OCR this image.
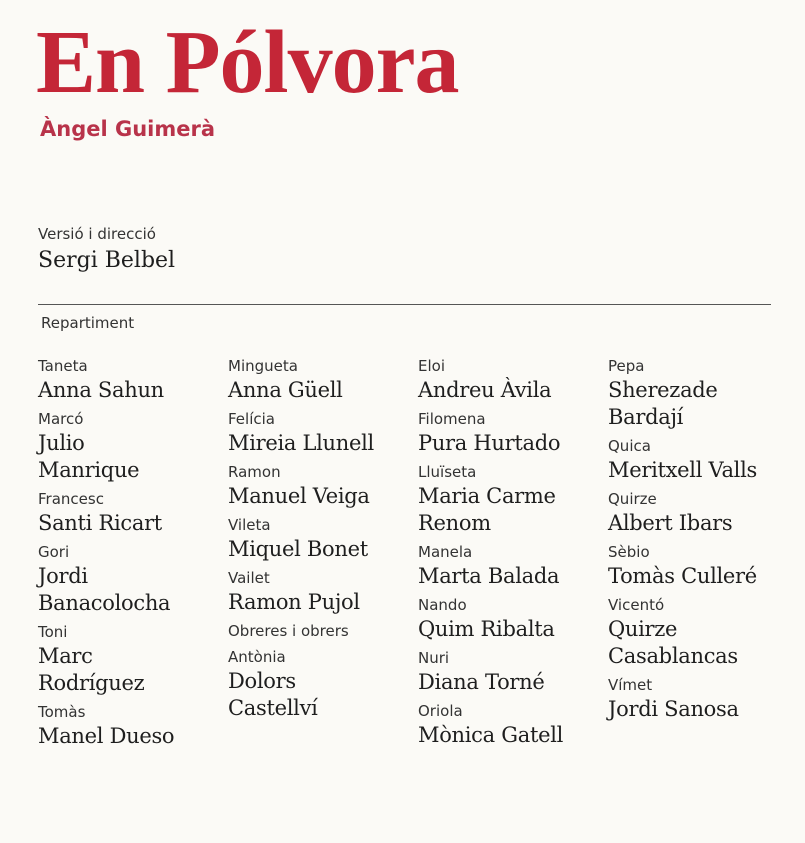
En Pólvora
Àngel Guimerà
Versió i direcció
Sergi Belbel
Repartiment
Taneta
Anna Sahun
Marcó
Julio
Manrique
Francesc
Santi Ricart
Gori
Jordi
Banacolocha
Toni
Marc
Rodríguez
Tomàs
Manel Dueso
Mingueta
Anna Güell
Felícia
Mireia Llunell
Ramon
Manuel Veiga
Vileta
Miquel Bonet
Vailet
Ramon Pujol
Obreres i obrers
Antònia
Dolors
Castellví
Eloi
Andreu Àvila
Filomena
Pura Hurtado
Lluïseta
Maria Carme
Renom
Manela
Marta Balada
Nando
Quim Ribalta
Nuri
Diana Torné
Oriola
Mònica Gatell
Pepa
Sherezade
Bardají
Quica
Meritxell Valls
Quirze
Albert Ibars
Sèbio
Tomàs Culleré
Vicentó
Quirze
Casablancas
Vímet
Jordi Sanosa
